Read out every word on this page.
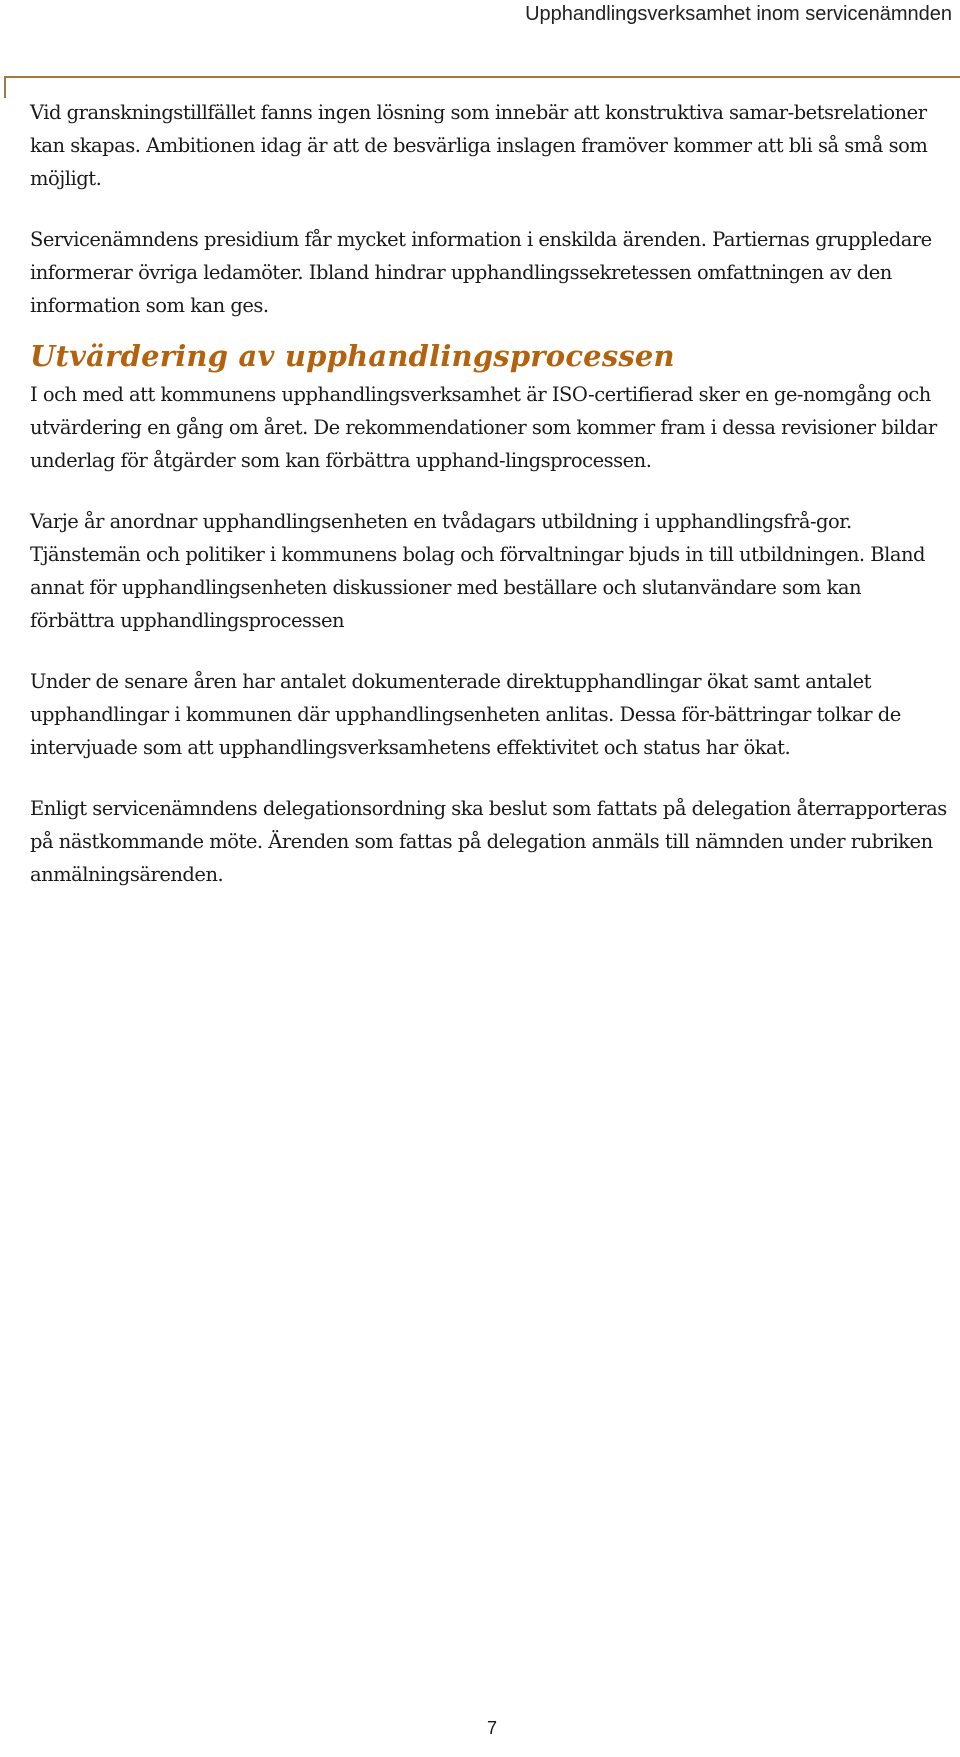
Upphandlingsverksamhet inom servicenämnden

Vid granskningstillfället fanns ingen lösning som innebär att konstruktiva samar-betsrelationer kan skapas. Ambitionen idag är att de besvärliga inslagen framöver kommer att bli så små som möjligt.

Servicenämndens presidium får mycket information i enskilda ärenden. Partiernas gruppledare informerar övriga ledamöter. Ibland hindrar upphandlingssekretessen omfattningen av den information som kan ges.

Utvärdering av upphandlingsprocessen

I och med att kommunens upphandlingsverksamhet är ISO-certifierad sker en ge-nomgång och utvärdering en gång om året. De rekommendationer som kommer fram i dessa revisioner bildar underlag för åtgärder som kan förbättra upphand-lingsprocessen.

Varje år anordnar upphandlingsenheten en tvådagars utbildning i upphandlingsfrå-gor. Tjänstemän och politiker i kommunens bolag och förvaltningar bjuds in till utbildningen. Bland annat för upphandlingsenheten diskussioner med beställare och slutanvändare som kan förbättra upphandlingsprocessen

Under de senare åren har antalet dokumenterade direktupphandlingar ökat samt antalet upphandlingar i kommunen där upphandlingsenheten anlitas. Dessa för-bättringar tolkar de intervjuade som att upphandlingsverksamhetens effektivitet och status har ökat.

Enligt servicenämndens delegationsordning ska beslut som fattats på delegation återrapporteras på nästkommande möte. Ärenden som fattas på delegation anmäls till nämnden under rubriken anmälningsärenden.

7
